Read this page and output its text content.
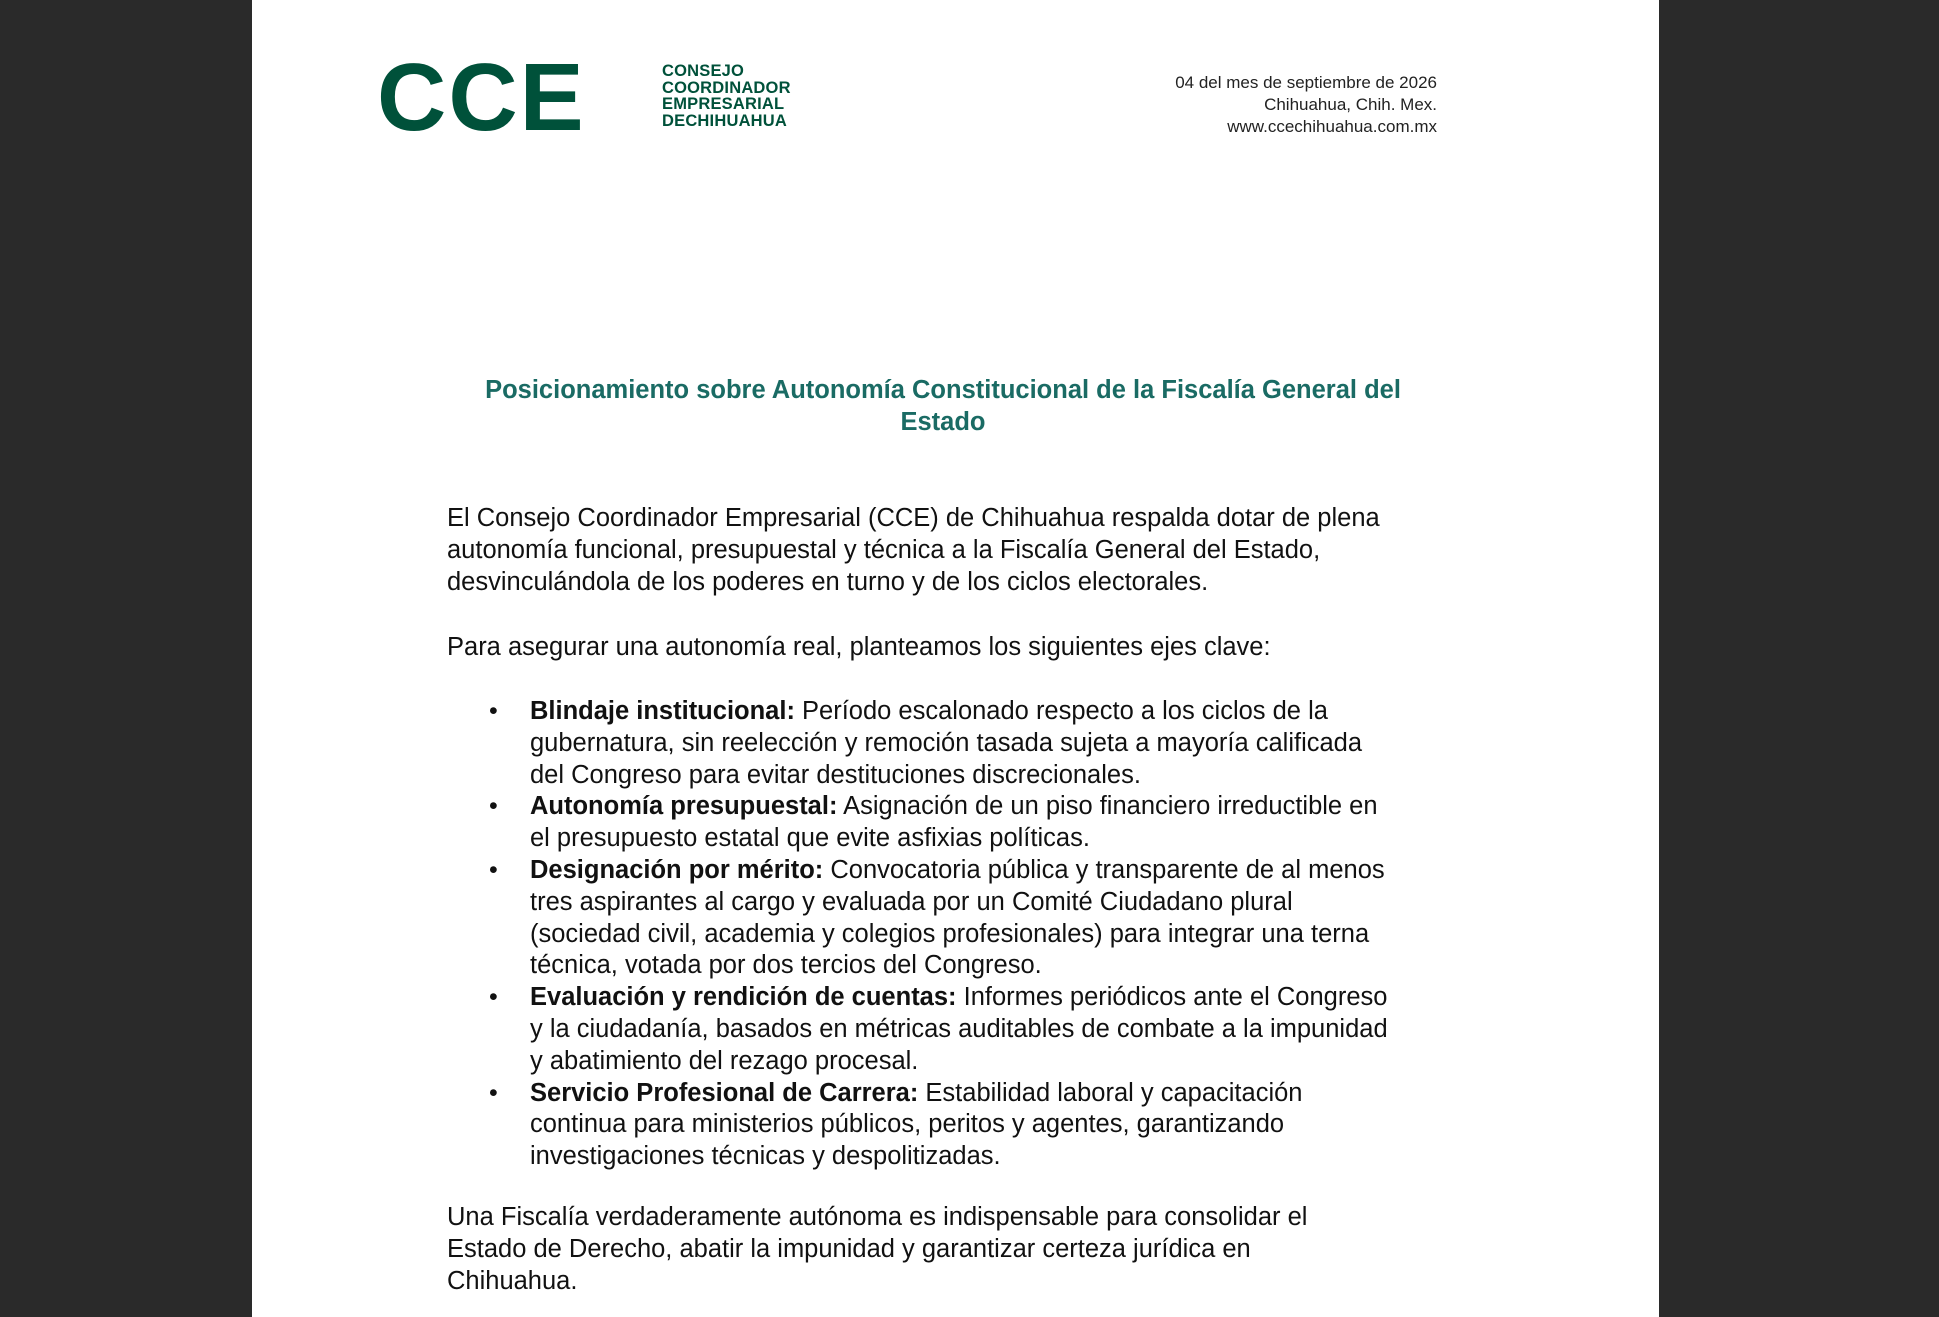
CCE	CONSEJO
COORDINADOR
EMPRESARIAL
DECHIHUAHUA
04 del mes de septiembre de 2026
Chihuahua, Chih. Mex.
www.ccechihuahua.com.mx
Posicionamiento sobre Autonomía Constitucional de la Fiscalía General del
Estado
El Consejo Coordinador Empresarial (CCE) de Chihuahua respalda dotar de plena
autonomía funcional, presupuestal y técnica a la Fiscalía General del Estado,
desvinculándola de los poderes en turno y de los ciclos electorales.
Para asegurar una autonomía real, planteamos los siguientes ejes clave:
• Blindaje institucional: Período escalonado respecto a los ciclos de la
gubernatura, sin reelección y remoción tasada sujeta a mayoría calificada
del Congreso para evitar destituciones discrecionales.
• Autonomía presupuestal: Asignación de un piso financiero irreductible en
el presupuesto estatal que evite asfixias políticas.
• Designación por mérito: Convocatoria pública y transparente de al menos
tres aspirantes al cargo y evaluada por un Comité Ciudadano plural
(sociedad civil, academia y colegios profesionales) para integrar una terna
técnica, votada por dos tercios del Congreso.
• Evaluación y rendición de cuentas: Informes periódicos ante el Congreso
y la ciudadanía, basados en métricas auditables de combate a la impunidad
y abatimiento del rezago procesal.
• Servicio Profesional de Carrera: Estabilidad laboral y capacitación
continua para ministerios públicos, peritos y agentes, garantizando
investigaciones técnicas y despolitizadas.
Una Fiscalía verdaderamente autónoma es indispensable para consolidar el
Estado de Derecho, abatir la impunidad y garantizar certeza jurídica en
Chihuahua.
